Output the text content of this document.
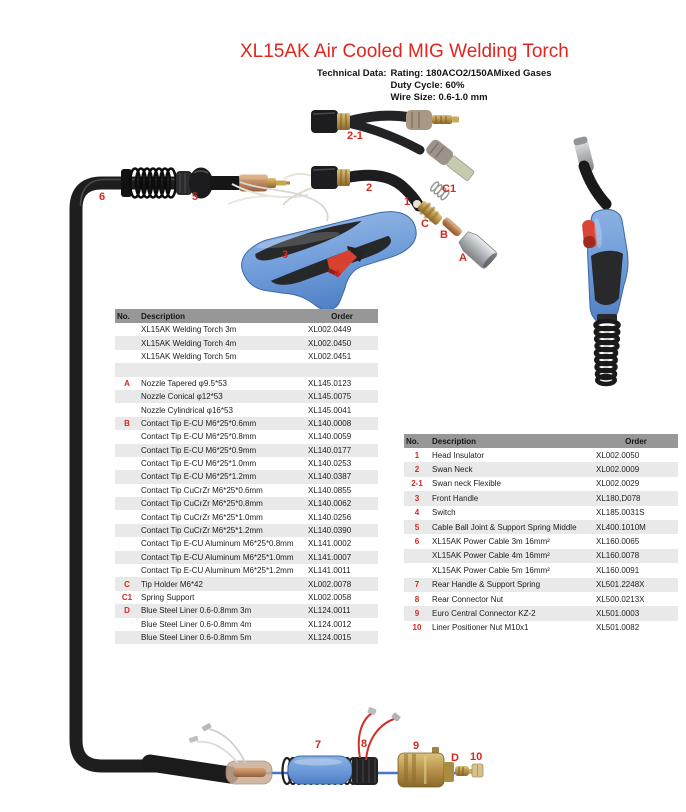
XL15AK Air Cooled MIG Welding Torch
Technical Data: Rating: 180ACO2/150AMixed Gases
Duty Cycle: 60%
Wire Size: 0.6-1.0 mm
2-1
2
1
C1
C
B
A
3
4
5
6
7	8	9
D 10
No.	Description	Order
	XL15AK Welding Torch 3m	XL002.0449
	XL15AK Welding Torch 4m	XL002.0450
	XL15AK Welding Torch 5m	XL002.0451

A	Nozzle Tapered φ9.5*53	XL145.0123
	Nozzle Conical φ12*53	XL145.0075
	Nozzle Cylindrical φ16*53	XL145.0041
B	Contact Tip E-CU M6*25*0.6mm	XL140.0008
	Contact Tip E-CU M6*25*0.8mm	XL140.0059
	Contact Tip E-CU M6*25*0.9mm	XL140.0177
	Contact Tip E-CU M6*25*1.0mm	XL140.0253
	Contact Tip E-CU M6*25*1.2mm	XL140.0387
	Contact Tip CuCrZr M6*25*0.6mm	XL140.0855
	Contact Tip CuCrZr M6*25*0.8mm	XL140.0062
	Contact Tip CuCrZr M6*25*1.0mm	XL140.0256
	Contact Tip CuCrZr M6*25*1.2mm	XL140.0390
	Contact Tip E-CU Aluminum M6*25*0.8mm	XL141.0002
	Contact Tip E-CU Aluminum M6*25*1.0mm	XL141.0007
	Contact Tip E-CU Aluminum M6*25*1.2mm	XL141.0011
C	Tip Holder M6*42	XL002.0078
C1	Spring Support	XL002.0058
D	Blue Steel Liner 0.6-0.8mm 3m	XL124.0011
	Blue Steel Liner 0.6-0.8mm 4m	XL124.0012
	Blue Steel Liner 0.6-0.8mm 5m	XL124.0015
No.	Description	Order
1	Head Insulator	XL002.0050
2	Swan Neck	XL002.0009
2-1	Swan neck Flexible	XL002.0029
3	Front Handle	XL180,D078
4	Switch	XL185.0031S
5	Cable Ball Joint & Support Spring Middle	XL400.1010M
6	XL15AK Power Cable 3m 16mm²	XL160.0065
	XL15AK Power Cable 4m 16mm²	XL160.0078
	XL15AK Power Cable 5m 16mm²	XL160.0091
7	Rear Handle & Support Spring	XL501.2248X
8	Rear Connector Nut	XL500.0213X
9	Euro Central Connector KZ-2	XL501.0003
10	Liner Positioner Nut M10x1	XL501.0082
